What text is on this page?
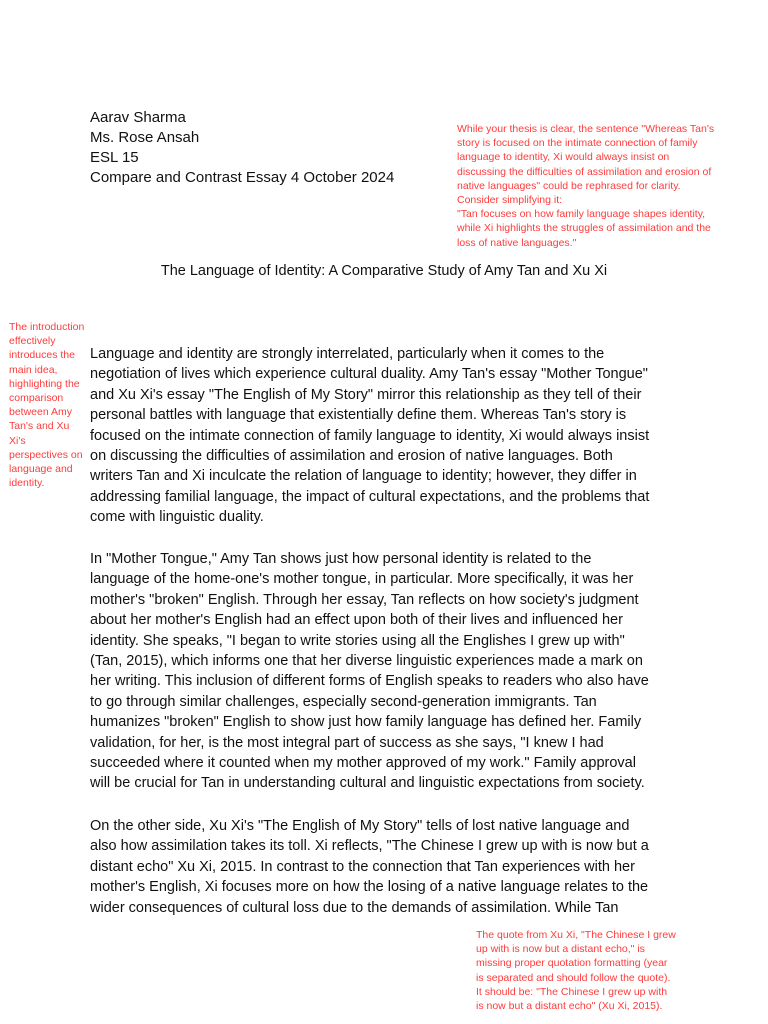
Aarav Sharma
Ms. Rose Ansah
ESL 15
Compare and Contrast Essay 4 October 2024
While your thesis is clear, the sentence "Whereas Tan's
story is focused on the intimate connection of family
language to identity, Xi would always insist on
discussing the difficulties of assimilation and erosion of
native languages" could be rephrased for clarity.
Consider simplifying it:
"Tan focuses on how family language shapes identity,
while Xi highlights the struggles of assimilation and the
loss of native languages."
The Language of Identity: A Comparative Study of Amy Tan and Xu Xi
The introduction
effectively
introduces the
main idea,
highlighting the
comparison
between Amy
Tan's and Xu
Xi's
perspectives on
language and
identity.
Language and identity are strongly interrelated, particularly when it comes to the
negotiation of lives which experience cultural duality. Amy Tan's essay "Mother Tongue"
and Xu Xi's essay "The English of My Story" mirror this relationship as they tell of their
personal battles with language that existentially define them. Whereas Tan's story is
focused on the intimate connection of family language to identity, Xi would always insist
on discussing the difficulties of assimilation and erosion of native languages. Both
writers Tan and Xi inculcate the relation of language to identity; however, they differ in
addressing familial language, the impact of cultural expectations, and the problems that
come with linguistic duality.
In "Mother Tongue," Amy Tan shows just how personal identity is related to the
language of the home-one's mother tongue, in particular. More specifically, it was her
mother's "broken" English. Through her essay, Tan reflects on how society's judgment
about her mother's English had an effect upon both of their lives and influenced her
identity. She speaks, "I began to write stories using all the Englishes I grew up with"
(Tan, 2015), which informs one that her diverse linguistic experiences made a mark on
her writing. This inclusion of different forms of English speaks to readers who also have
to go through similar challenges, especially second-generation immigrants. Tan
humanizes "broken" English to show just how family language has defined her. Family
validation, for her, is the most integral part of success as she says, "I knew I had
succeeded where it counted when my mother approved of my work." Family approval
will be crucial for Tan in understanding cultural and linguistic expectations from society.
On the other side, Xu Xi's "The English of My Story" tells of lost native language and
also how assimilation takes its toll. Xi reflects, "The Chinese I grew up with is now but a
distant echo" Xu Xi, 2015. In contrast to the connection that Tan experiences with her
mother's English, Xi focuses more on how the losing of a native language relates to the
wider consequences of cultural loss due to the demands of assimilation. While Tan
The quote from Xu Xi, "The Chinese I grew
up with is now but a distant echo," is
missing proper quotation formatting (year
is separated and should follow the quote).
It should be: "The Chinese I grew up with
is now but a distant echo" (Xu Xi, 2015).
